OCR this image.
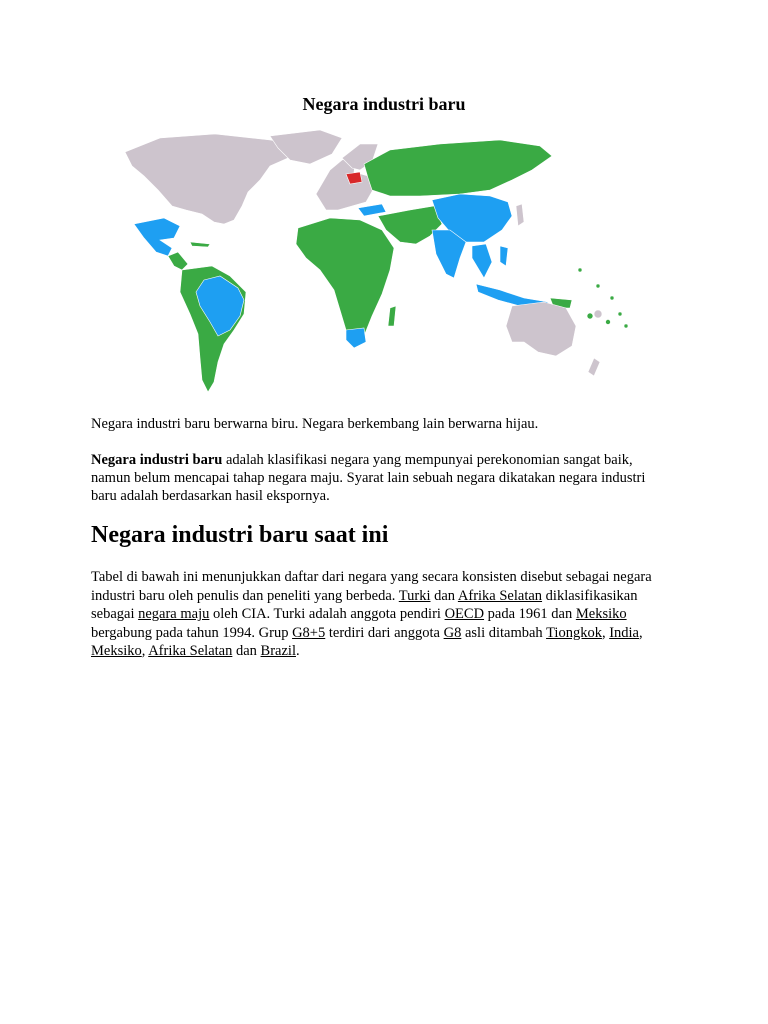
Negara industri baru

Negara industri baru berwarna biru. Negara berkembang lain berwarna hijau.

Negara industri baru adalah klasifikasi negara yang mempunyai perekonomian sangat baik,
namun belum mencapai tahap negara maju. Syarat lain sebuah negara dikatakan negara industri
baru adalah berdasarkan hasil ekspornya.

Negara industri baru saat ini

Tabel di bawah ini menunjukkan daftar dari negara yang secara konsisten disebut sebagai negara
industri baru oleh penulis dan peneliti yang berbeda. Turki dan Afrika Selatan diklasifikasikan
sebagai negara maju oleh CIA. Turki adalah anggota pendiri OECD pada 1961 dan Meksiko
bergabung pada tahun 1994. Grup G8+5 terdiri dari anggota G8 asli ditambah Tiongkok, India,
Meksiko, Afrika Selatan dan Brazil.
